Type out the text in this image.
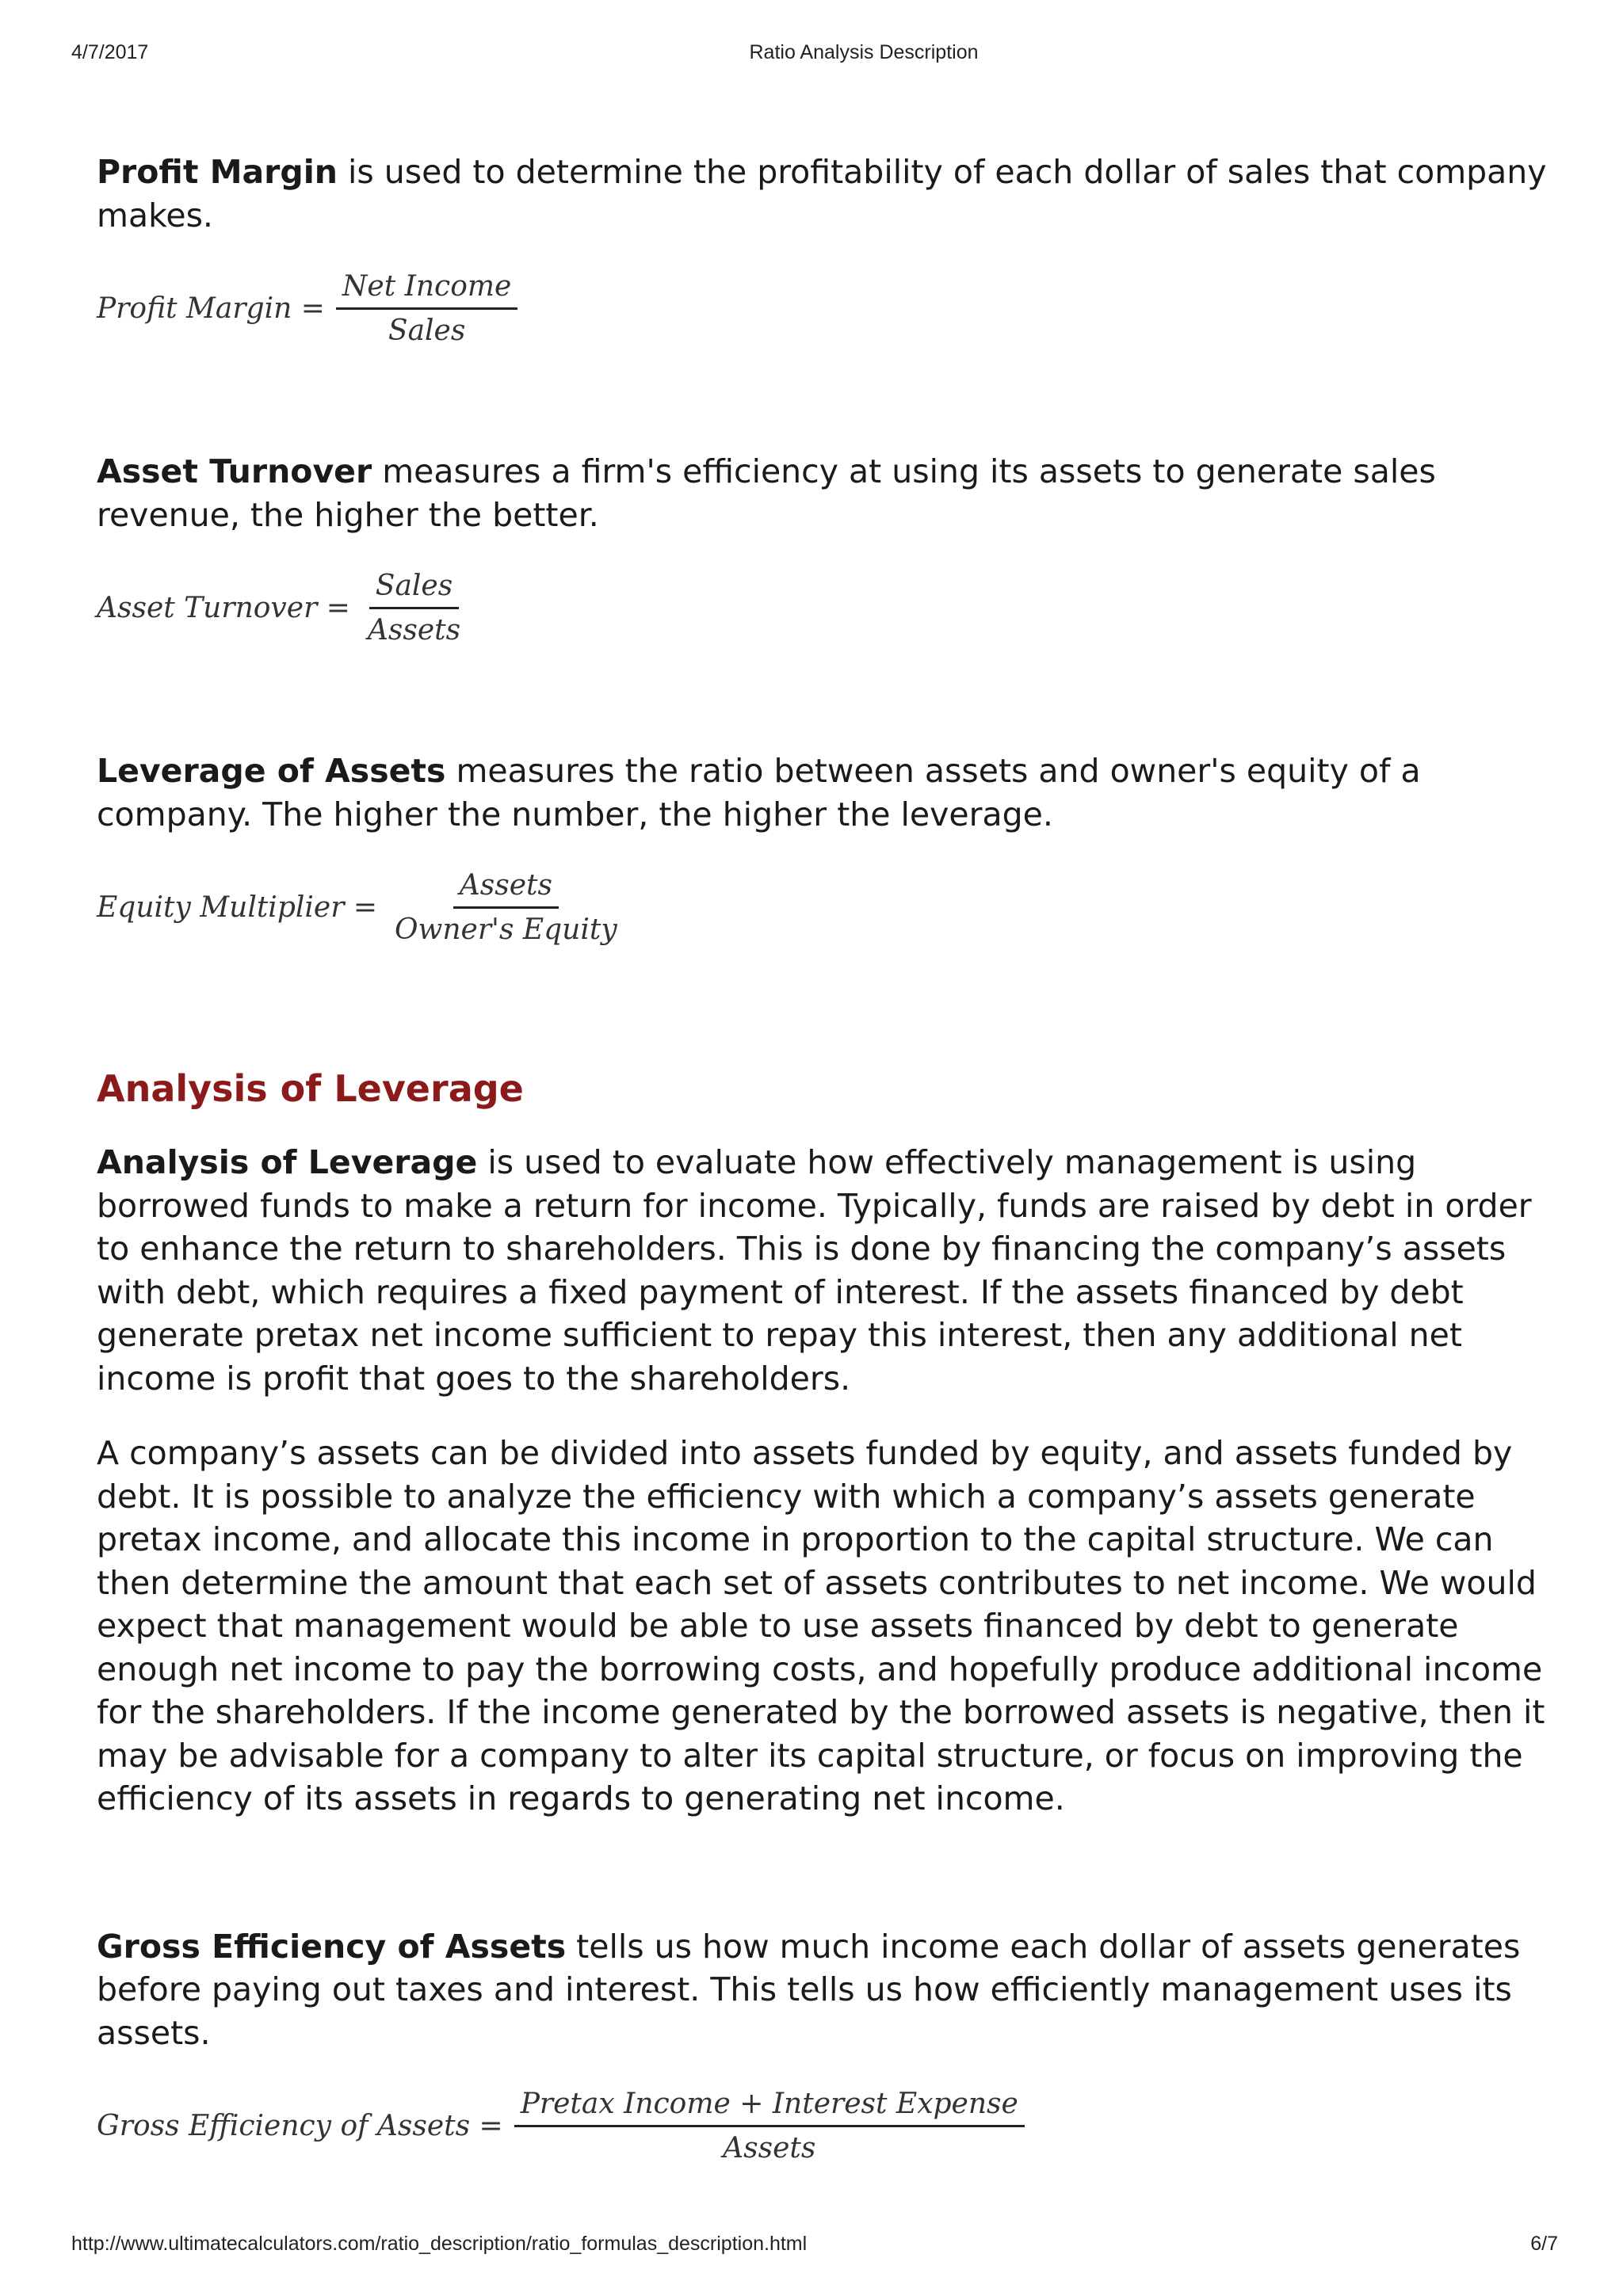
4/7/2017	Ratio Analysis Description

Profit Margin is used to determine the profitability of each dollar of sales that company makes.

Profit Margin = $\frac{\text{Net Income}}{\text{Sales}}$

Asset Turnover measures a firm's efficiency at using its assets to generate sales revenue, the higher the better.

Asset Turnover = $\frac{\text{Sales}}{\text{Assets}}$

Leverage of Assets measures the ratio between assets and owner's equity of a company. The higher the number, the higher the leverage.

Equity Multiplier = $\frac{\text{Assets}}{\text{Owner's Equity}}$
Analysis of Leverage

Analysis of Leverage is used to evaluate how effectively management is using borrowed funds to make a return for income. Typically, funds are raised by debt in order to enhance the return to shareholders. This is done by financing the company’s assets with debt, which requires a fixed payment of interest. If the assets financed by debt generate pretax net income sufficient to repay this interest, then any additional net income is profit that goes to the shareholders.

A company’s assets can be divided into assets funded by equity, and assets funded by debt. It is possible to analyze the efficiency with which a company’s assets generate pretax income, and allocate this income in proportion to the capital structure. We can then determine the amount that each set of assets contributes to net income. We would expect that management would be able to use assets financed by debt to generate enough net income to pay the borrowing costs, and hopefully produce additional income for the shareholders. If the income generated by the borrowed assets is negative, then it may be advisable for a company to alter its capital structure, or focus on improving the efficiency of its assets in regards to generating net income.

Gross Efficiency of Assets tells us how much income each dollar of assets generates before paying out taxes and interest. This tells us how efficiently management uses its assets.

Gross Efficiency of Assets = $\frac{\text{Pretax Income + Interest Expense}}{\text{Assets}}$
http://www.ultimatecalculators.com/ratio_description/ratio_formulas_description.html	6/7
